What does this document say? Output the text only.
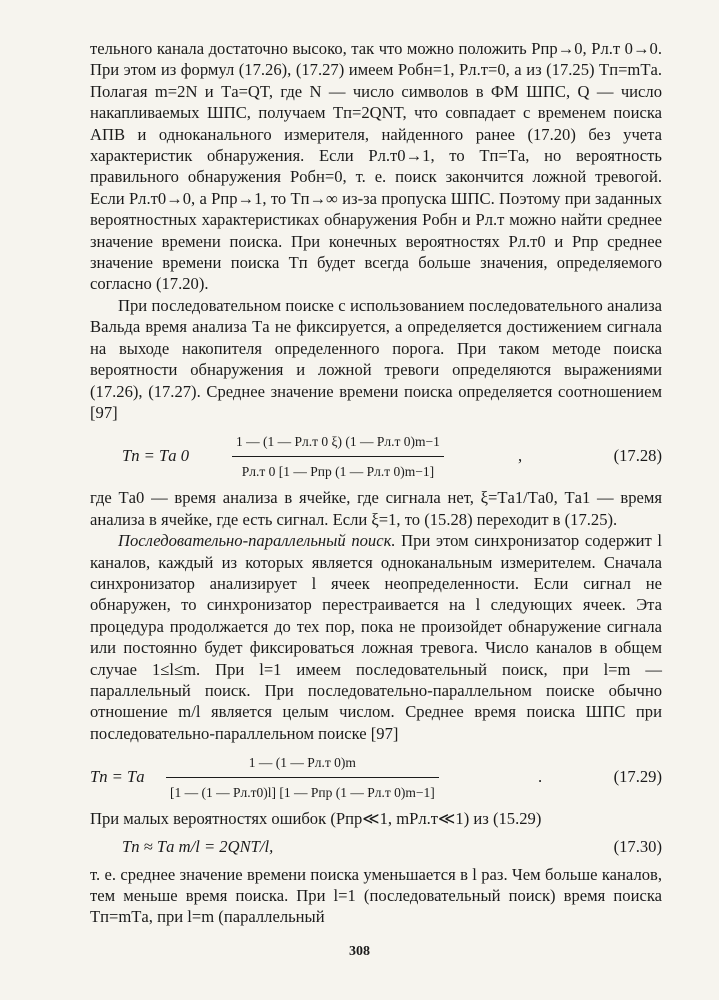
тельного канала достаточно высоко, так что можно положить Pпр→0, Pл.т 0→0. При этом из формул (17.26), (17.27) имеем Pобн=1, Pл.т=0, а из (17.25) Tп=mTа. Полагая m=2N и Tа=QT, где N — число символов в ФМ ШПС, Q — число накапливаемых ШПС, получаем Tп=2QNT, что совпадает с временем поиска АПВ и одноканального измерителя, найденного ранее (17.20) без учета характеристик обнаружения. Если Pл.т0→1, то Tп=Tа, но вероятность правильного обнаружения Pобн=0, т. е. поиск закончится ложной тревогой. Если Pл.т0→0, а Pпр→1, то Tп→∞ из-за пропуска ШПС. Поэтому при заданных вероятностных характеристиках обнаружения Pобн и Pл.т можно найти среднее значение времени поиска. При конечных вероятностях Pл.т0 и Pпр среднее значение времени поиска Tп будет всегда больше значения, определяемого согласно (17.20).

При последовательном поиске с использованием последовательного анализа Вальда время анализа Tа не фиксируется, а определяется достижением сигнала на выходе накопителя определенного порога. При таком методе поиска вероятности обнаружения и ложной тревоги определяются выражениями (17.26), (17.27). Среднее значение времени поиска определяется соотношением [97]

Tп = Tа 0
1 — (1 — Pл.т 0 ξ) (1 — Pл.т 0)m−1
Pл.т 0 [1 — Pпр (1 — Pл.т 0)m−1]
,	(17.28)

где Tа0 — время анализа в ячейке, где сигнала нет, ξ=Tа1/Tа0, Tа1 — время анализа в ячейке, где есть сигнал. Если ξ=1, то (15.28) переходит в (17.25).

Последовательно-параллельный поиск. При этом синхронизатор содержит l каналов, каждый из которых является одноканальным измерителем. Сначала синхронизатор анализирует l ячеек неопределенности. Если сигнал не обнаружен, то синхронизатор перестраивается на l следующих ячеек. Эта процедура продолжается до тех пор, пока не произойдет обнаружение сигнала или постоянно будет фиксироваться ложная тревога. Число каналов в общем случае 1≤l≤m. При l=1 имеем последовательный поиск, при l=m — параллельный поиск. При последовательно-параллельном поиске обычно отношение m/l является целым числом. Среднее время поиска ШПС при последовательно-параллельном поиске [97]

Tп = Tа
1 — (1 — Pл.т 0)m
[1 — (1 — Pл.т0)l] [1 — Pпр (1 — Pл.т 0)m−1]
.	(17.29)

При малых вероятностях ошибок (Pпр≪1, mPл.т≪1) из (15.29)

Tп ≈ Tа m/l = 2QNT/l,	(17.30)

т. е. среднее значение времени поиска уменьшается в l раз. Чем больше каналов, тем меньше время поиска. При l=1 (последовательный поиск) время поиска Tп=mTа, при l=m (параллельный

308
